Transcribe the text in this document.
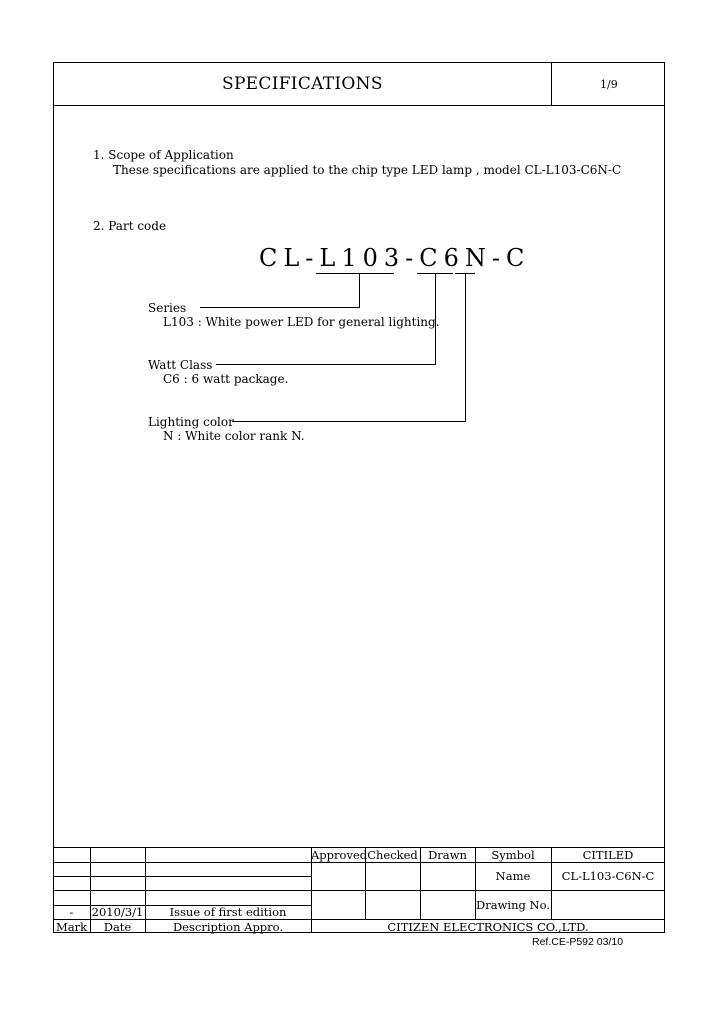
SPECIFICATIONS	1/9
1. Scope of Application
These specifications are applied to the chip type LED lamp , model CL-L103-C6N-C
2. Part code
CL-L103-C6N-C
Series
L103 : White power LED for general lighting.
Watt Class
C6 : 6 watt package.
Lighting color
N : White color rank N.
Approved Checked Drawn	Symbol	CITILED
Name	CL-L103-C6N-C
Drawing No.
-	2010/3/1	Issue of first edition
Mark	Date	Description Appro.	CITIZEN ELECTRONICS CO.,LTD.
Ref.CE-P592 03/10
